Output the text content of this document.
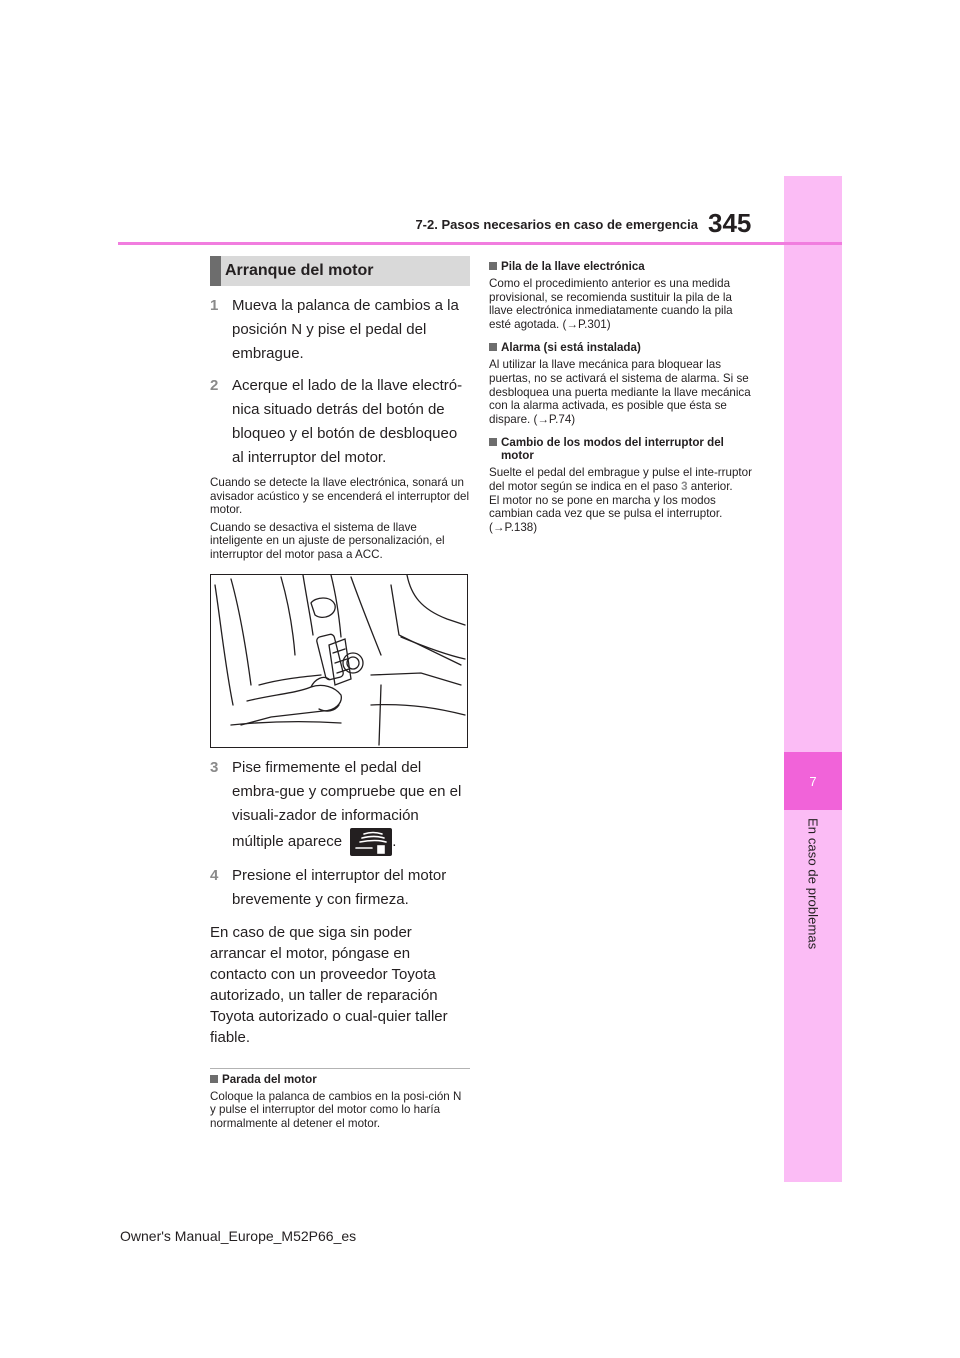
7
En caso de problemas
7-2. Pasos necesarios en caso de emergencia 345
Arranque del motor
1 Mueva la palanca de cambios a la posición N y pise el pedal del embrague.
2 Acerque el lado de la llave electró-nica situado detrás del botón de bloqueo y el botón de desbloqueo al interruptor del motor.
Cuando se detecte la llave electrónica, sonará un avisador acústico y se encenderá el interruptor del motor.
Cuando se desactiva el sistema de llave inteligente en un ajuste de personalización, el interruptor del motor pasa a ACC.
3 Pise firmemente el pedal del embra-gue y compruebe que en el visuali-zador de información múltiple aparece	.
4 Presione el interruptor del motor brevemente y con firmeza.
En caso de que siga sin poder arrancar el motor, póngase en contacto con un proveedor Toyota autorizado, un taller de reparación Toyota autorizado o cual-quier taller fiable.
Parada del motor
Coloque la palanca de cambios en la posi-ción N y pulse el interruptor del motor como lo haría normalmente al detener el motor.
Pila de la llave electrónica
Como el procedimiento anterior es una medida provisional, se recomienda sustituir la pila de la llave electrónica inmediatamente cuando la pila esté agotada. (→P.301)
Alarma (si está instalada)
Al utilizar la llave mecánica para bloquear las puertas, no se activará el sistema de alarma. Si se desbloquea una puerta mediante la llave mecánica con la alarma activada, es posible que ésta se dispare. (→P.74)
Cambio de los modos del interruptor del motor
Suelte el pedal del embrague y pulse el inte-rruptor del motor según se indica en el paso 3 anterior.
El motor no se pone en marcha y los modos cambian cada vez que se pulsa el interruptor. (→P.138)
Owner's Manual_Europe_M52P66_es
